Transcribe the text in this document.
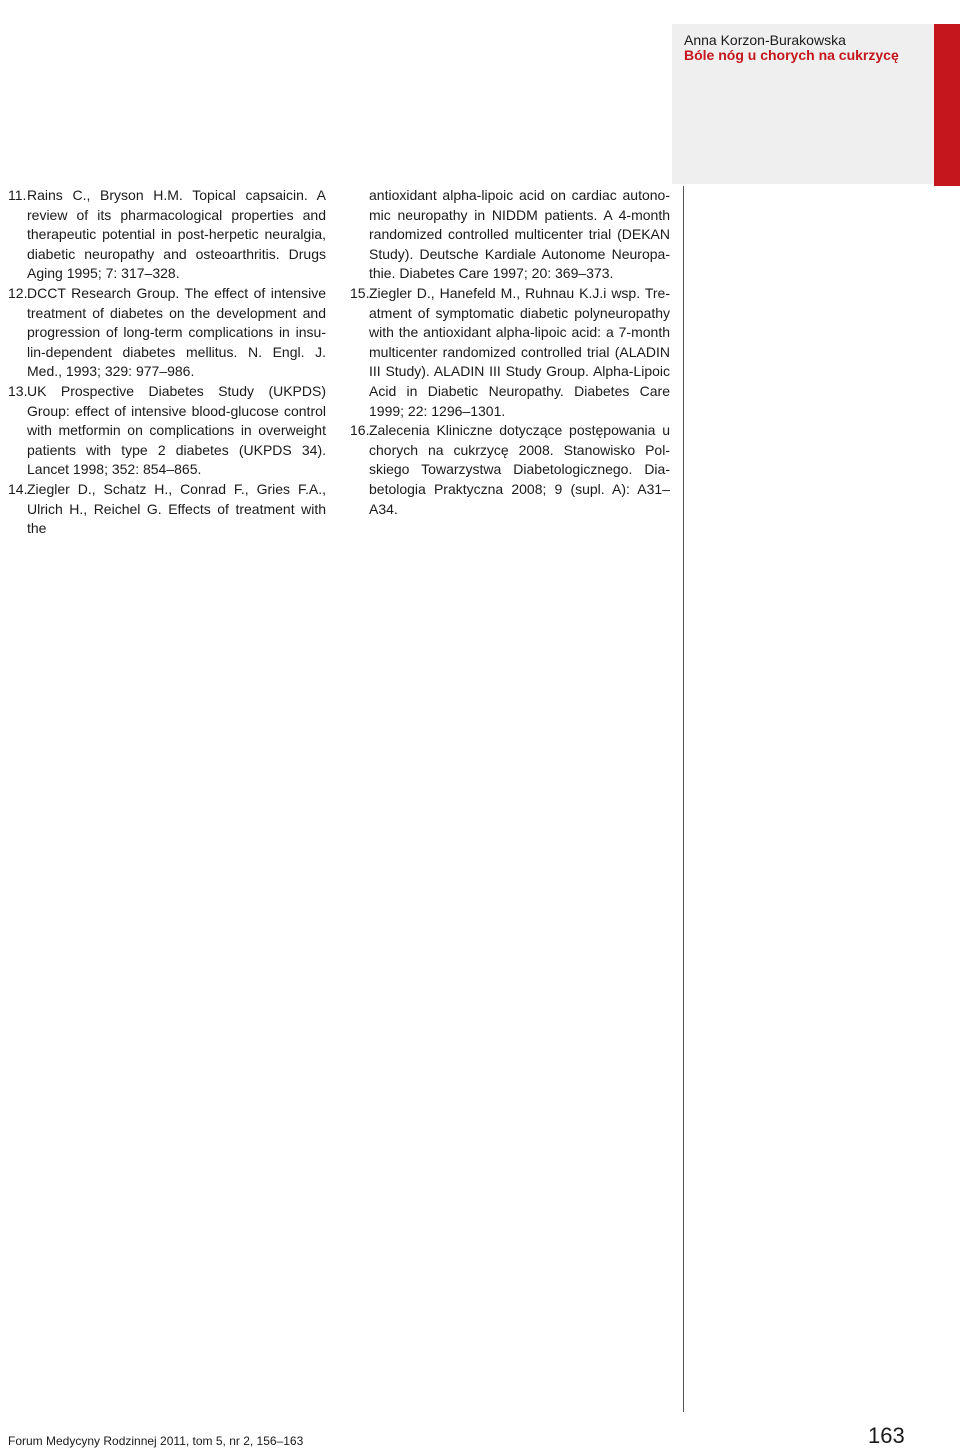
Anna Korzon-Burakowska
Bóle nóg u chorych na cukrzycę
11. Rains C., Bryson H.M. Topical capsaicin. A review of its pharmacological properties and therapeutic potential in post-herpetic neuralgia, diabetic neuropathy and osteoarthritis. Drugs Aging 1995; 7: 317–328.
12. DCCT Research Group. The effect of intensive treatment of diabetes on the development and progression of long-term complications in insulin-dependent diabetes mellitus. N. Engl. J. Med., 1993; 329: 977–986.
13. UK Prospective Diabetes Study (UKPDS) Group: effect of intensive blood-glucose control with metformin on complications in overweight patients with type 2 diabetes (UKPDS 34). Lancet 1998; 352: 854–865.
14. Ziegler D., Schatz H., Conrad F., Gries F.A., Ulrich H., Reichel G. Effects of treatment with the
antioxidant alpha-lipoic acid on cardiac autonomic neuropathy in NIDDM patients. A 4-month randomized controlled multicenter trial (DEKAN Study). Deutsche Kardiale Autonome Neuropathie. Diabetes Care 1997; 20: 369–373.
15. Ziegler D., Hanefeld M., Ruhnau K.J.i wsp. Treatment of symptomatic diabetic polyneuropathy with the antioxidant alpha-lipoic acid: a 7-month multicenter randomized controlled trial (ALADIN III Study). ALADIN III Study Group. Alpha-Lipoic Acid in Diabetic Neuropathy. Diabetes Care 1999; 22: 1296–1301.
16. Zalecenia Kliniczne dotyczące postępowania u chorych na cukrzycę 2008. Stanowisko Polskiego Towarzystwa Diabetologicznego. Diabetologia Praktyczna 2008; 9 (supl. A): A31–A34.
Forum Medycyny Rodzinnej 2011, tom 5, nr 2, 156–163	163
